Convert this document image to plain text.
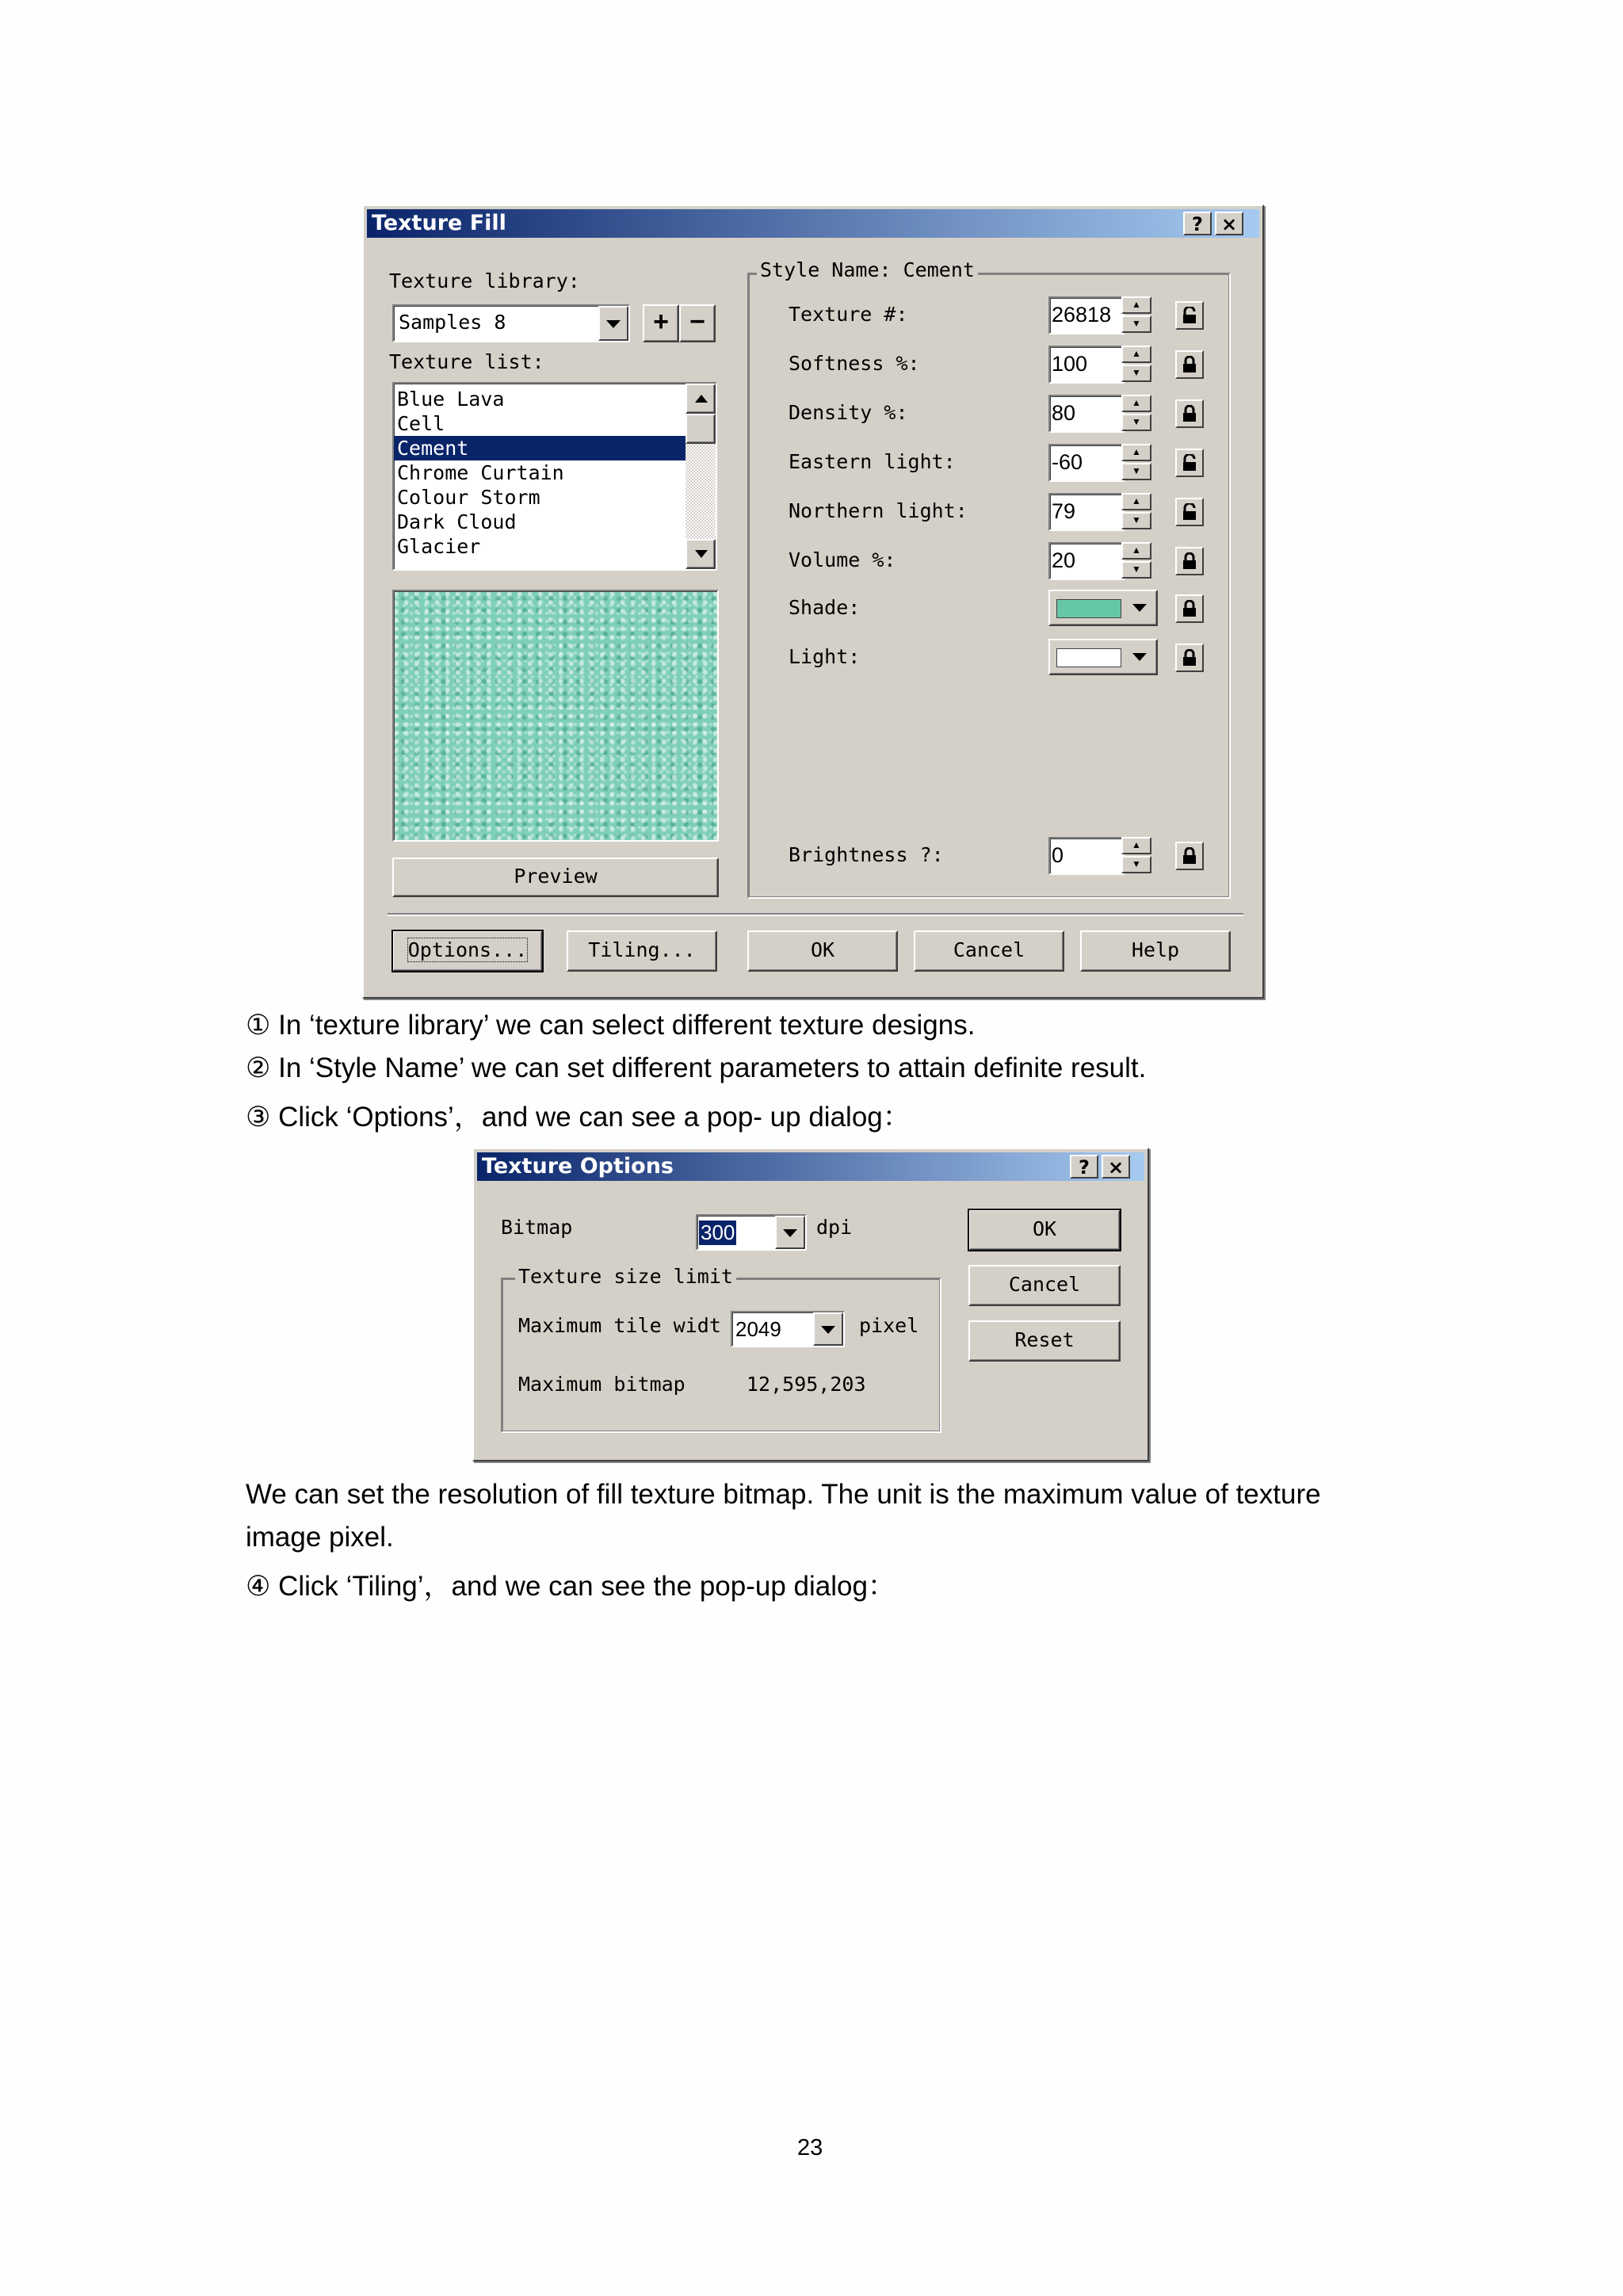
Texture Fill	? ×
Texture library:
Samples 8	+ −
Texture list:
Blue Lava
Cell
Cement
Chrome Curtain
Colour Storm
Dark Cloud
Glacier
Preview
Style Name: Cement
Texture #:	26818	▲
▼
Softness %:	100	▲
▼
Density %:	80	▲
▼
Eastern light:	-60	▲
▼
Northern light:	79	▲
▼
Volume %:	20	▲
▼
Shade:
Light:
Brightness ?:	0	▲
▼
Options...	Tiling...	OK	Cancel	Help
① In ‘texture library’ we can select different texture designs.
② In ‘Style Name’ we can set different parameters to attain definite result.
③ Click ‘Options’，and we can see a pop- up dialog：
Texture Options	? ×
Bitmap	300	dpi
Texture size limit
Maximum tile widt 2049	pixel
Maximum bitmap	12,595,203
OK
Cancel
Reset
We can set the resolution of fill texture bitmap. The unit is the maximum value of texture
image pixel.
④ Click ‘Tiling’，and we can see the pop-up dialog：
23
